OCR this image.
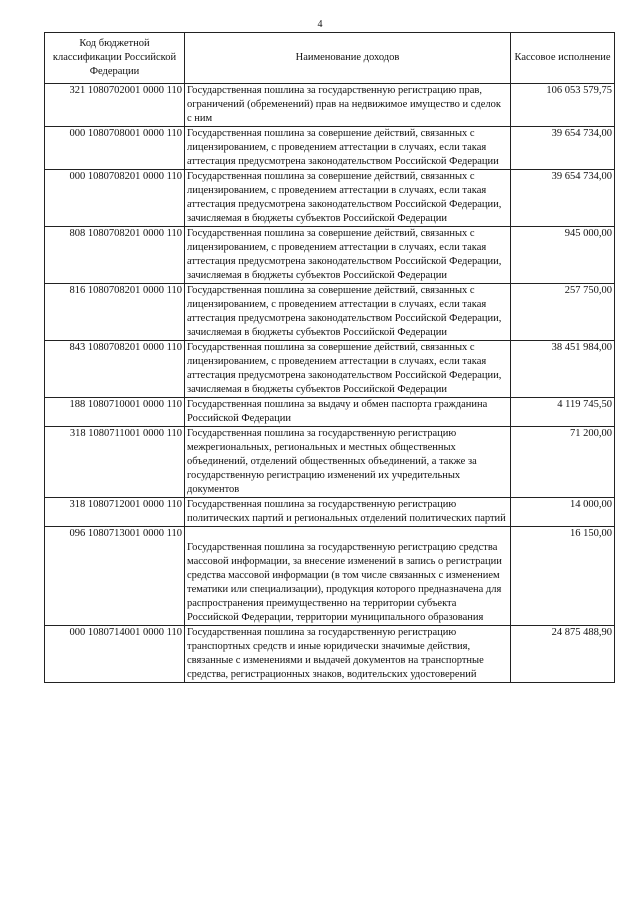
4
Код бюджетной классификации Российской Федерации	Наименование доходов	Кассовое исполнение
321 1080702001 0000 110	Государственная пошлина за государственную регистрацию прав, ограничений (обременений) прав на недвижимое имущество и сделок с ним	106 053 579,75
000 1080708001 0000 110	Государственная пошлина за совершение действий, связанных с лицензированием, с проведением аттестации в случаях, если такая аттестация предусмотрена законодательством Российской Федерации	39 654 734,00
000 1080708201 0000 110	Государственная пошлина за совершение действий, связанных с лицензированием, с проведением аттестации в случаях, если такая аттестация предусмотрена законодательством Российской Федерации, зачисляемая в бюджеты субъектов Российской Федерации	39 654 734,00
808 1080708201 0000 110	Государственная пошлина за совершение действий, связанных с лицензированием, с проведением аттестации в случаях, если такая аттестация предусмотрена законодательством Российской Федерации, зачисляемая в бюджеты субъектов Российской Федерации	945 000,00
816 1080708201 0000 110	Государственная пошлина за совершение действий, связанных с лицензированием, с проведением аттестации в случаях, если такая аттестация предусмотрена законодательством Российской Федерации, зачисляемая в бюджеты субъектов Российской Федерации	257 750,00
843 1080708201 0000 110	Государственная пошлина за совершение действий, связанных с лицензированием, с проведением аттестации в случаях, если такая аттестация предусмотрена законодательством Российской Федерации, зачисляемая в бюджеты субъектов Российской Федерации	38 451 984,00
188 1080710001 0000 110	Государственная пошлина за выдачу и обмен паспорта гражданина Российской Федерации	4 119 745,50
318 1080711001 0000 110	Государственная пошлина за государственную регистрацию межрегиональных, региональных и местных общественных объединений, отделений общественных объединений, а также за государственную регистрацию изменений их учредительных документов	71 200,00
318 1080712001 0000 110	Государственная пошлина за государственную регистрацию политических партий и региональных отделений политических партий	14 000,00
096 1080713001 0000 110	Государственная пошлина за государственную регистрацию средства массовой информации, за внесение изменений в запись о регистрации средства массовой информации (в том числе связанных с изменением тематики или специализации), продукция которого предназначена для распространения преимущественно на территории субъекта Российской Федерации, территории муниципального образования	16 150,00
000 1080714001 0000 110	Государственная пошлина за государственную регистрацию транспортных средств и иные юридически значимые действия, связанные с изменениями и выдачей документов на транспортные средства, регистрационных знаков, водительских удостоверений	24 875 488,90
